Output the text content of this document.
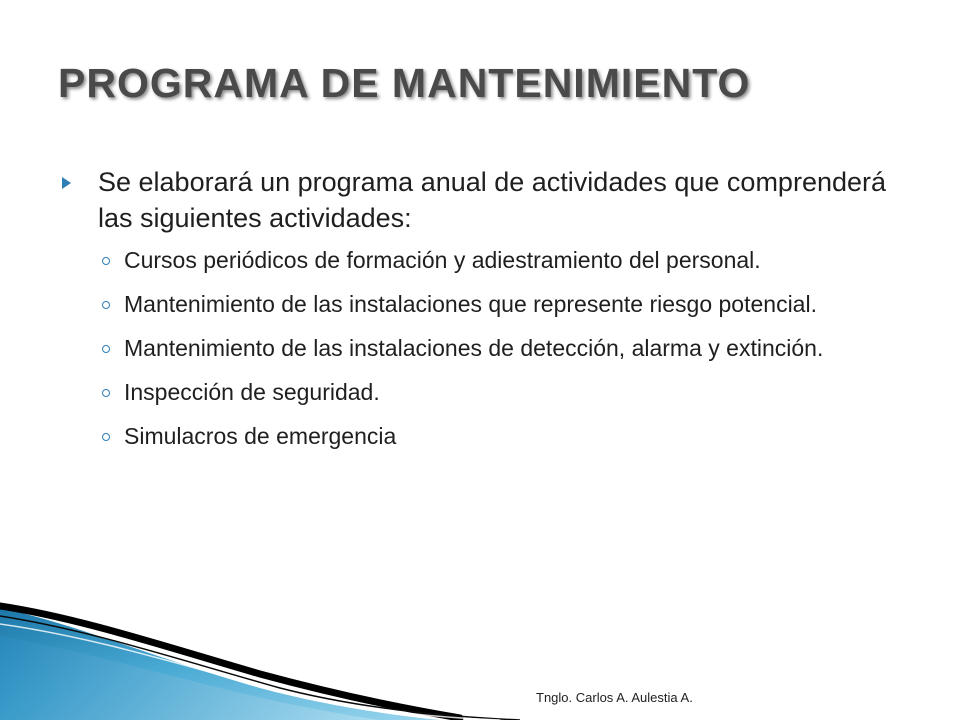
PROGRAMA DE MANTENIMIENTO

Se elaborará un programa anual de actividades que comprenderá las siguientes actividades:

Cursos periódicos de formación y adiestramiento del personal.

Mantenimiento de las instalaciones que represente riesgo potencial.

Mantenimiento de las instalaciones de detección, alarma y extinción.

Inspección de seguridad.

Simulacros de emergencia

Tnglo. Carlos A. Aulestia A.
